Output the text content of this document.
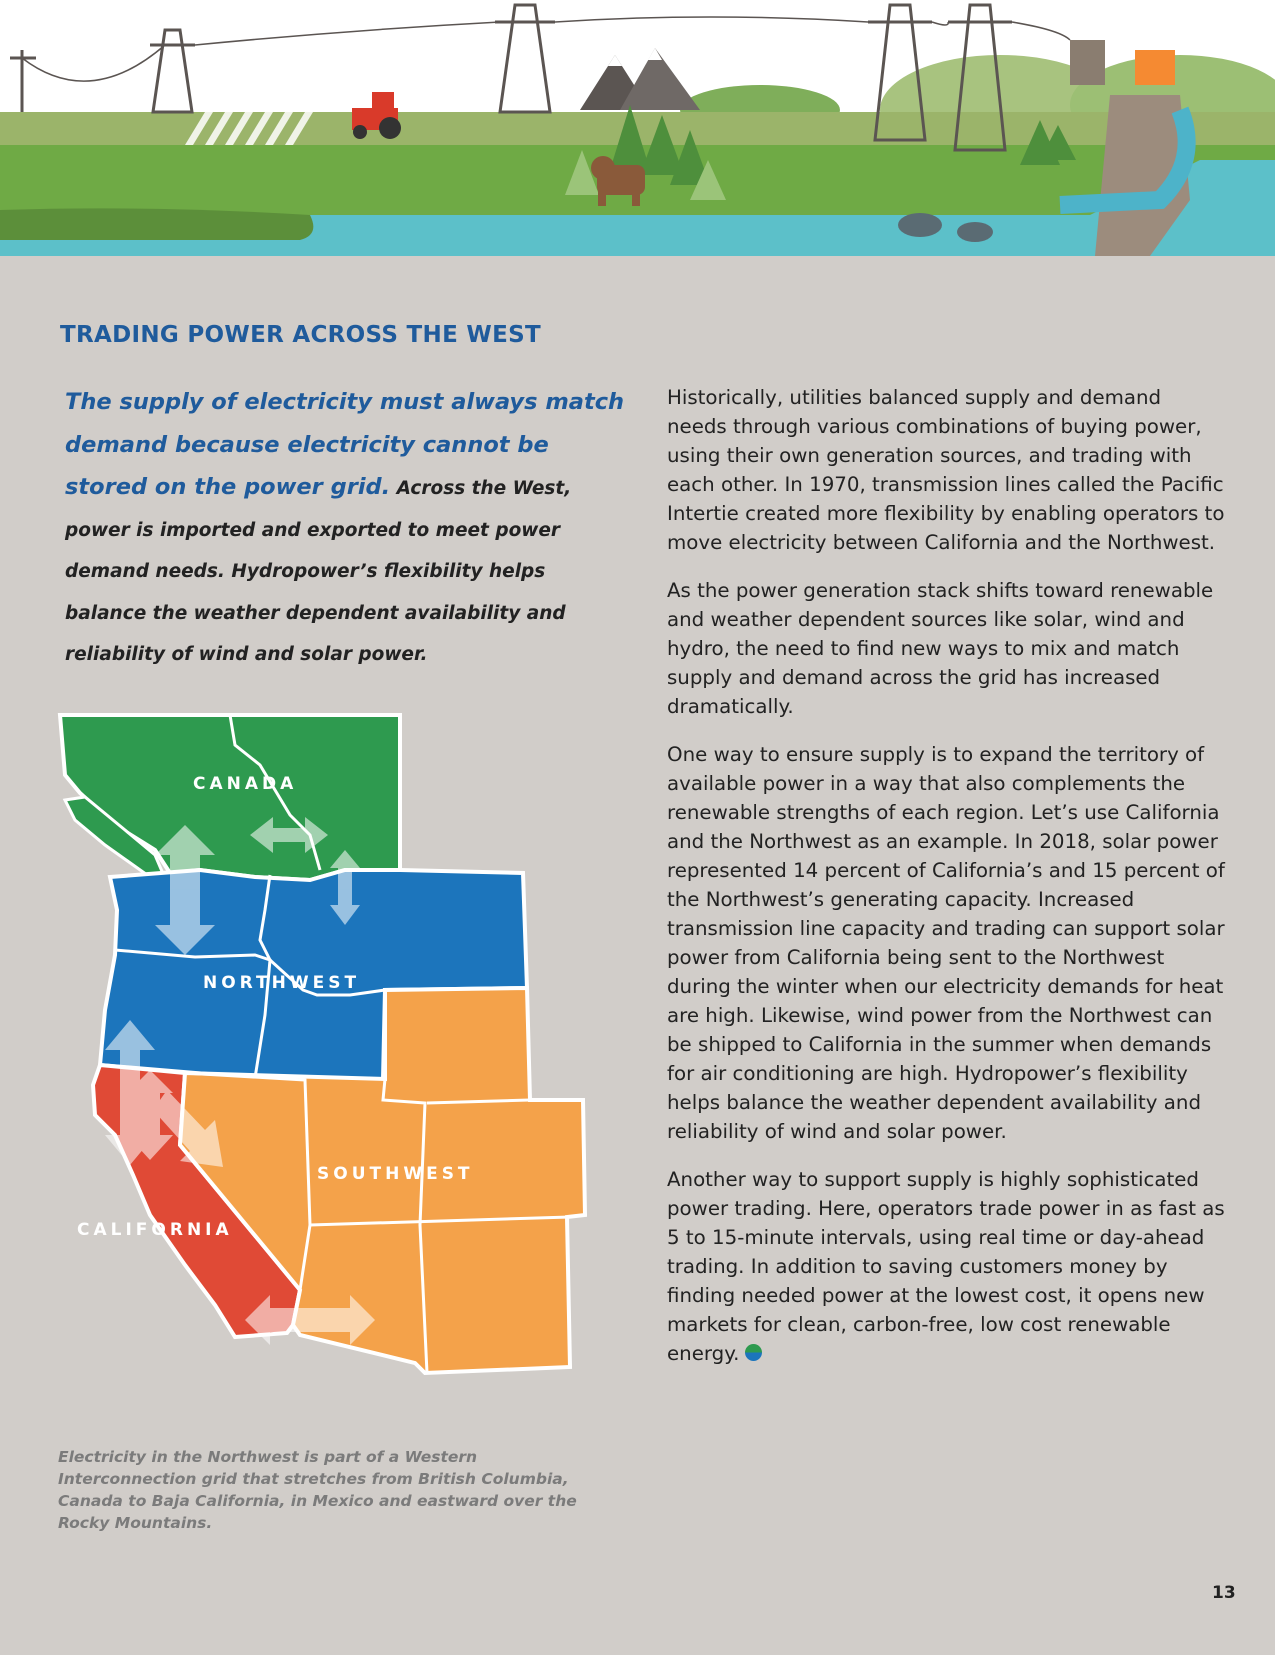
TRADING POWER ACROSS THE WEST

The supply of electricity must always match demand because electricity cannot be stored on the power grid. Across the West, power is imported and exported to meet power demand needs. Hydropower’s flexibility helps balance the weather dependent availability and reliability of wind and solar power.

Historically, utilities balanced supply and demand needs through various combinations of buying power, using their own generation sources, and trading with each other. In 1970, transmission lines called the Pacific Intertie created more flexibility by enabling operators to move electricity between California and the Northwest.

As the power generation stack shifts toward renewable and weather dependent sources like solar, wind and hydro, the need to find new ways to mix and match supply and demand across the grid has increased dramatically.

One way to ensure supply is to expand the territory of available power in a way that also complements the renewable strengths of each region. Let’s use California and the Northwest as an example. In 2018, solar power represented 14 percent of California’s and 15 percent of the Northwest’s generating capacity. Increased transmission line capacity and trading can support solar power from California being sent to the Northwest during the winter when our electricity demands for heat are high. Likewise, wind power from the Northwest can be shipped to California in the summer when demands for air conditioning are high. Hydropower’s flexibility helps balance the weather dependent availability and reliability of wind and solar power.

Another way to support supply is highly sophisticated power trading. Here, operators trade power in as fast as 5 to 15-minute intervals, using real time or day-ahead trading. In addition to saving customers money by finding needed power at the lowest cost, it opens new markets for clean, carbon-free, low cost renewable energy.

CANADA
NORTHWEST
SOUTHWEST
CALIFORNIA

Electricity in the Northwest is part of a Western Interconnection grid that stretches from British Columbia, Canada to Baja California, in Mexico and eastward over the Rocky Mountains.

13
